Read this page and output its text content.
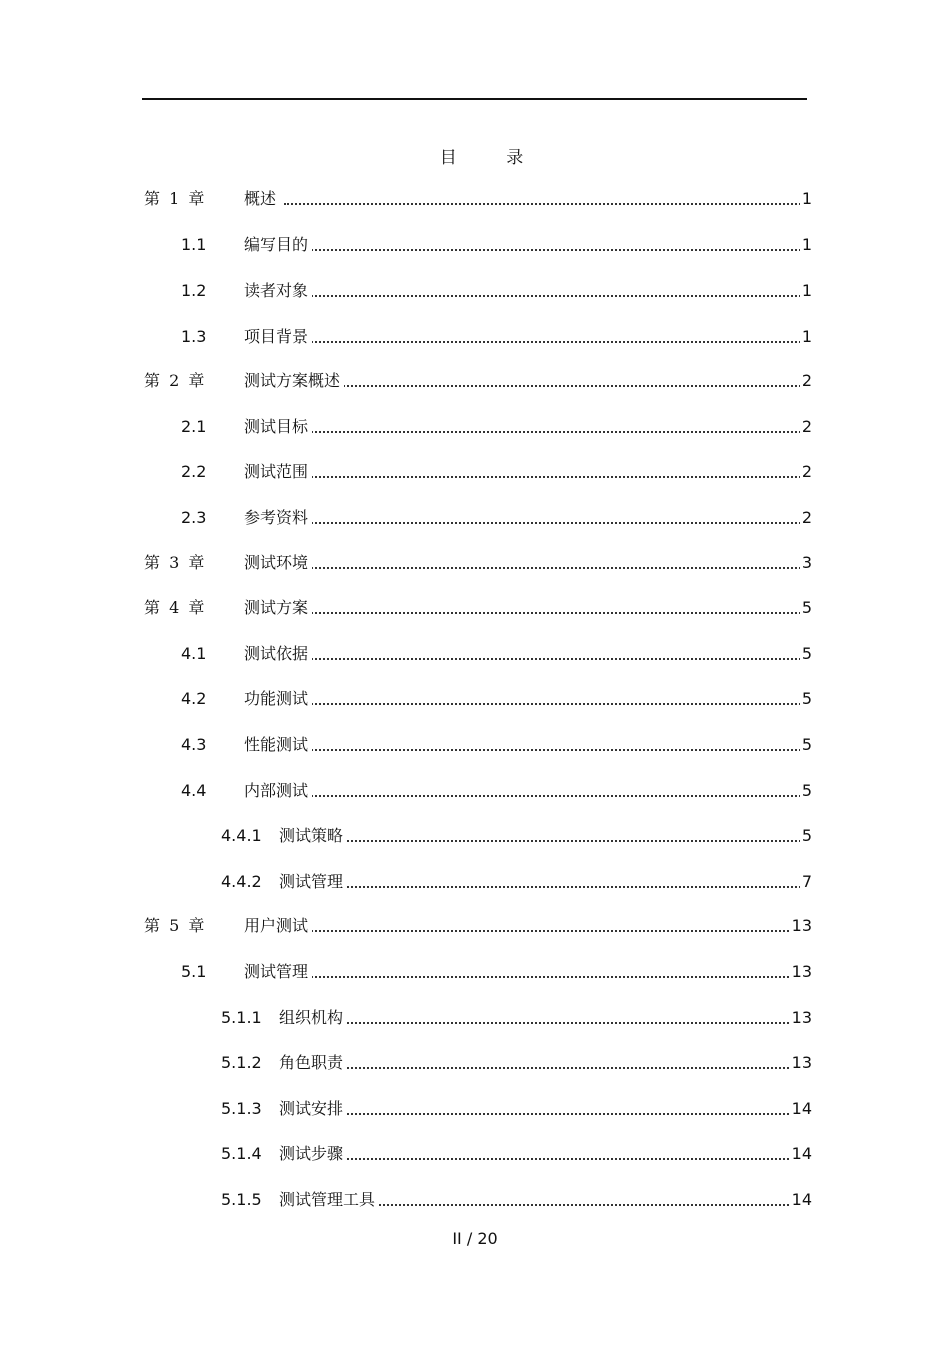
目 录
第 1 章 概述	1
1.1 编写目的	1
1.2 读者对象	1
1.3 项目背景	1
第 2 章 测试方案概述	2
2.1 测试目标	2
2.2 测试范围	2
2.3 参考资料	2
第 3 章 测试环境	3
第 4 章 测试方案	5
4.1 测试依据	5
4.2 功能测试	5
4.3 性能测试	5
4.4 内部测试	5
4.4.1 测试策略	5
4.4.2 测试管理	7
第 5 章 用户测试	13
5.1 测试管理	13
5.1.1 组织机构	13
5.1.2 角色职责	13
5.1.3 测试安排	14
5.1.4 测试步骤	14
5.1.5 测试管理工具	14
II / 20
